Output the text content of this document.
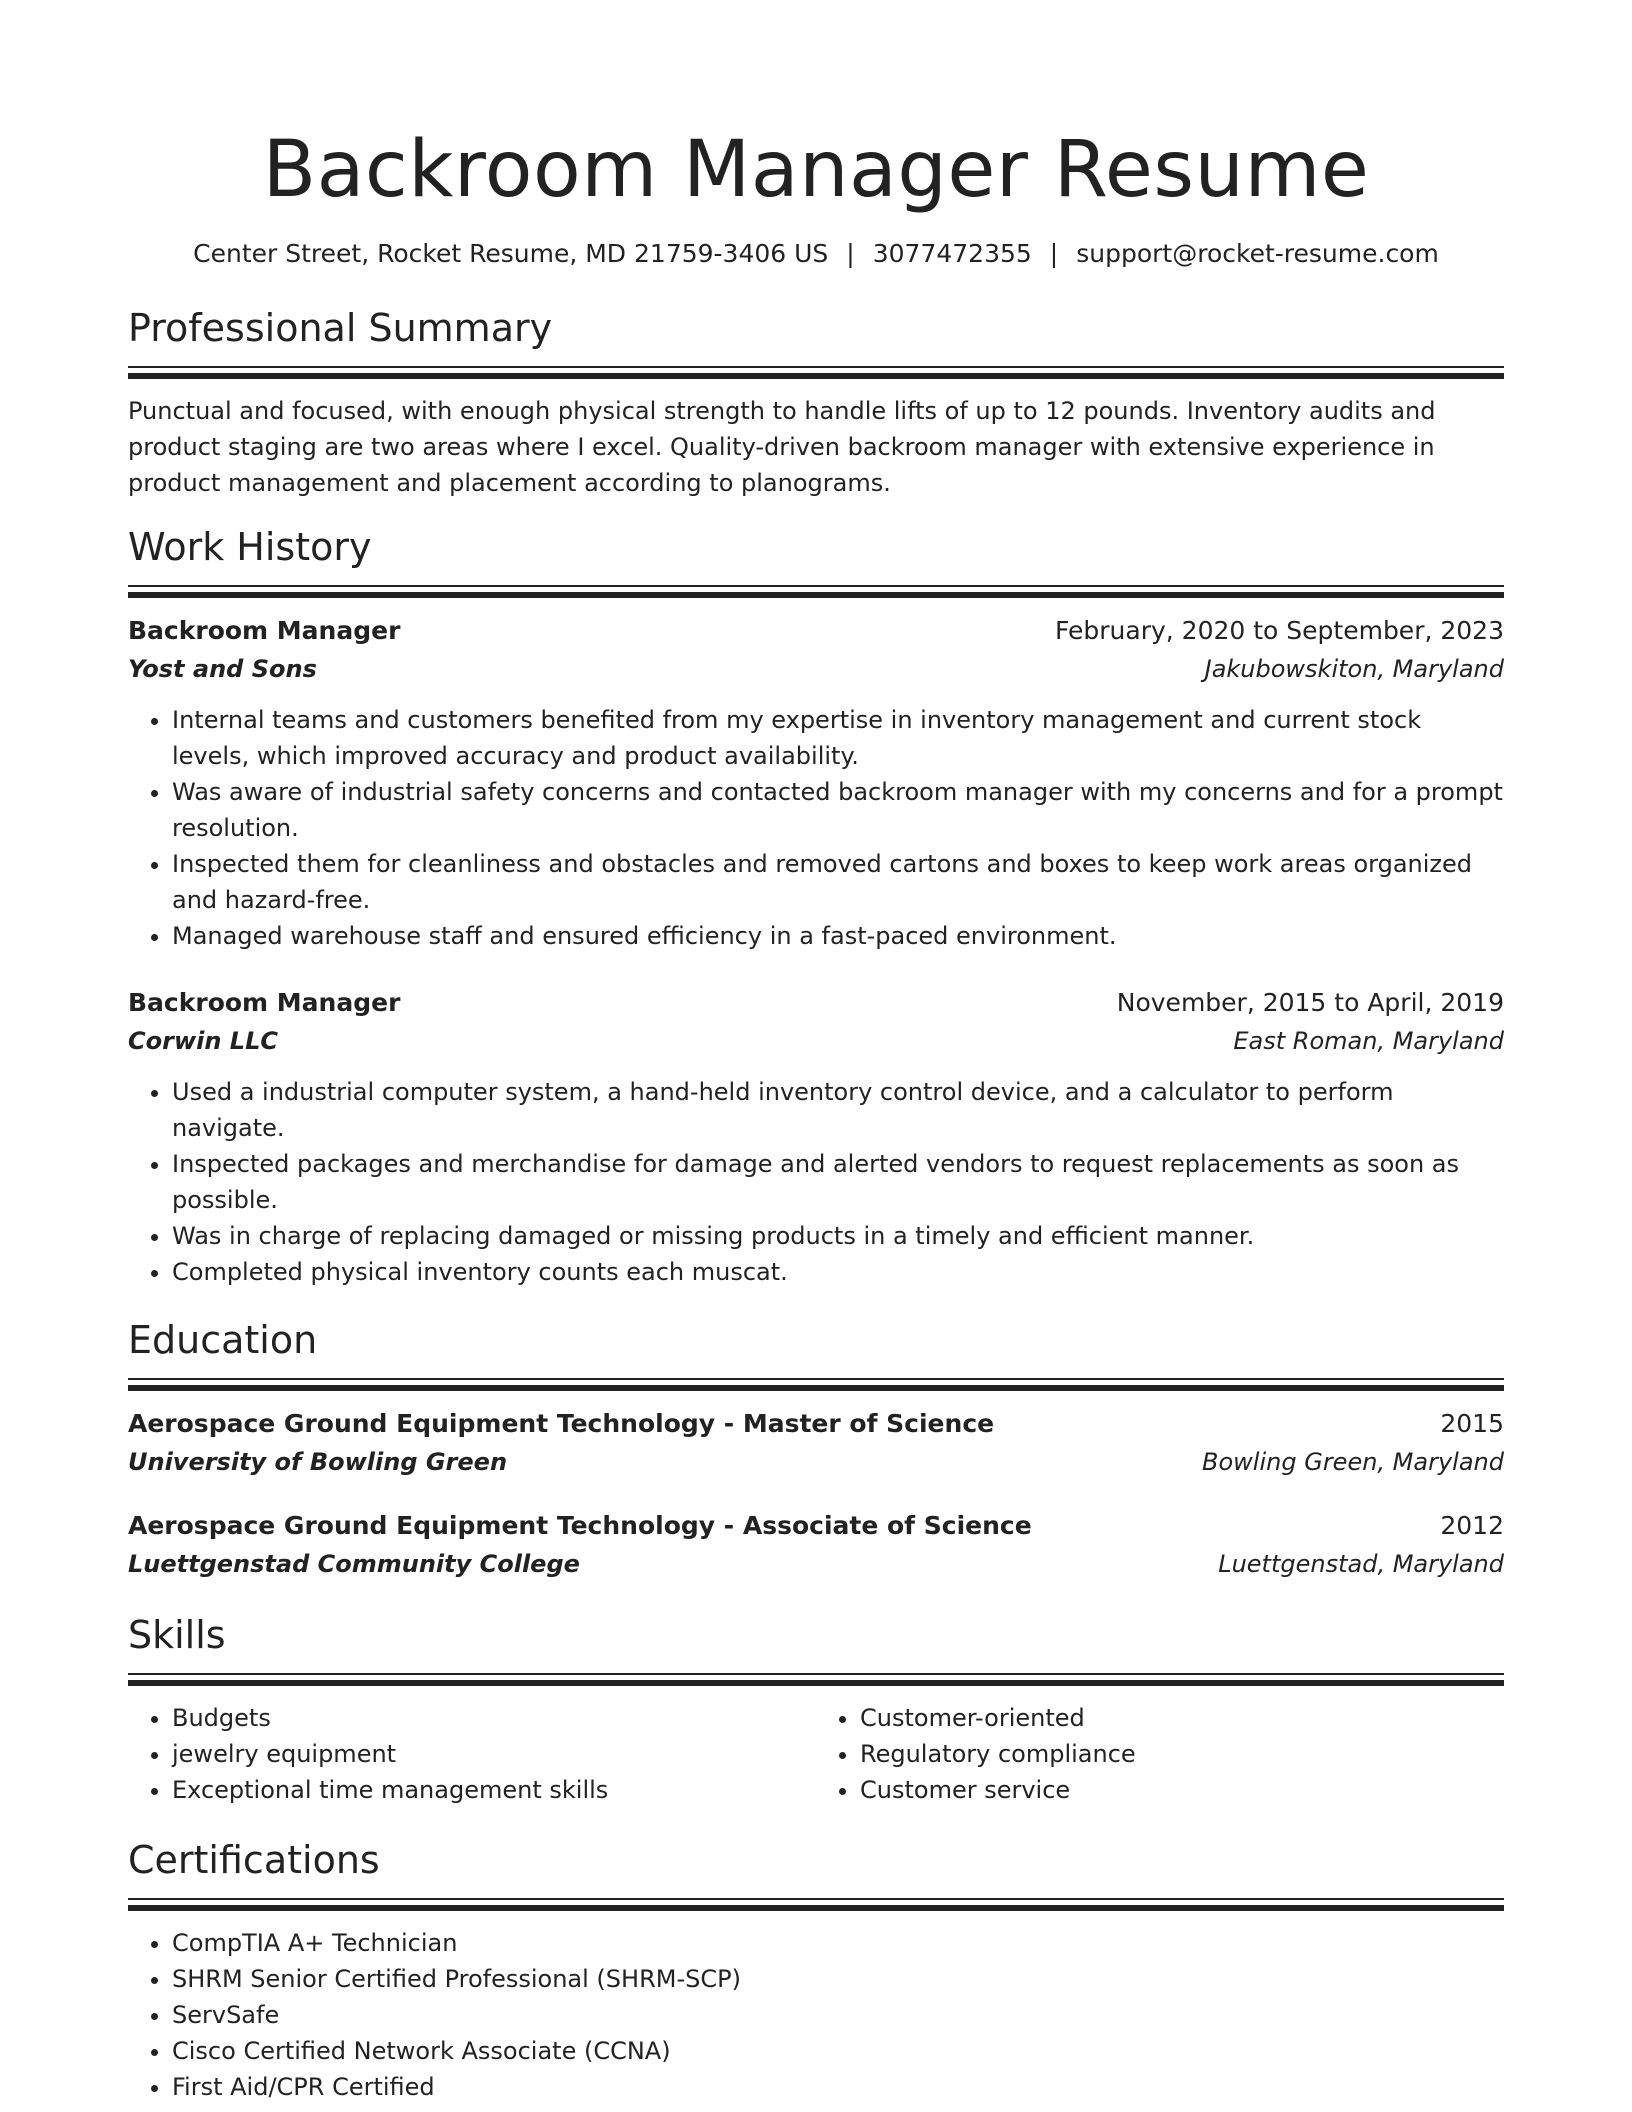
Backroom Manager Resume
Center Street, Rocket Resume, MD 21759-3406 US | 3077472355 | support@rocket-resume.com
Professional Summary

Punctual and focused, with enough physical strength to handle lifts of up to 12 pounds. Inventory audits and product staging are two areas where I excel. Quality-driven backroom manager with extensive experience in product management and placement according to planograms.

Work History
Backroom Manager	February, 2020 to September, 2023
Yost and Sons	Jakubowskiton, Maryland
• Internal teams and customers benefited from my expertise in inventory management and current stock levels, which improved accuracy and product availability.
• Was aware of industrial safety concerns and contacted backroom manager with my concerns and for a prompt resolution.
• Inspected them for cleanliness and obstacles and removed cartons and boxes to keep work areas organized and hazard-free.
• Managed warehouse staff and ensured efficiency in a fast-paced environment.
Backroom Manager	November, 2015 to April, 2019
Corwin LLC	East Roman, Maryland
• Used a industrial computer system, a hand-held inventory control device, and a calculator to perform navigate.
• Inspected packages and merchandise for damage and alerted vendors to request replacements as soon as possible.
• Was in charge of replacing damaged or missing products in a timely and efficient manner.
• Completed physical inventory counts each muscat.
Education
Aerospace Ground Equipment Technology - Master of Science	2015
University of Bowling Green	Bowling Green, Maryland
Aerospace Ground Equipment Technology - Associate of Science	2012
Luettgenstad Community College	Luettgenstad, Maryland
Skills
• Budgets
• jewelry equipment
• Exceptional time management skills
• Customer-oriented
• Regulatory compliance
• Customer service
Certifications
• CompTIA A+ Technician
• SHRM Senior Certified Professional (SHRM-SCP)
• ServSafe
• Cisco Certified Network Associate (CCNA)
• First Aid/CPR Certified
